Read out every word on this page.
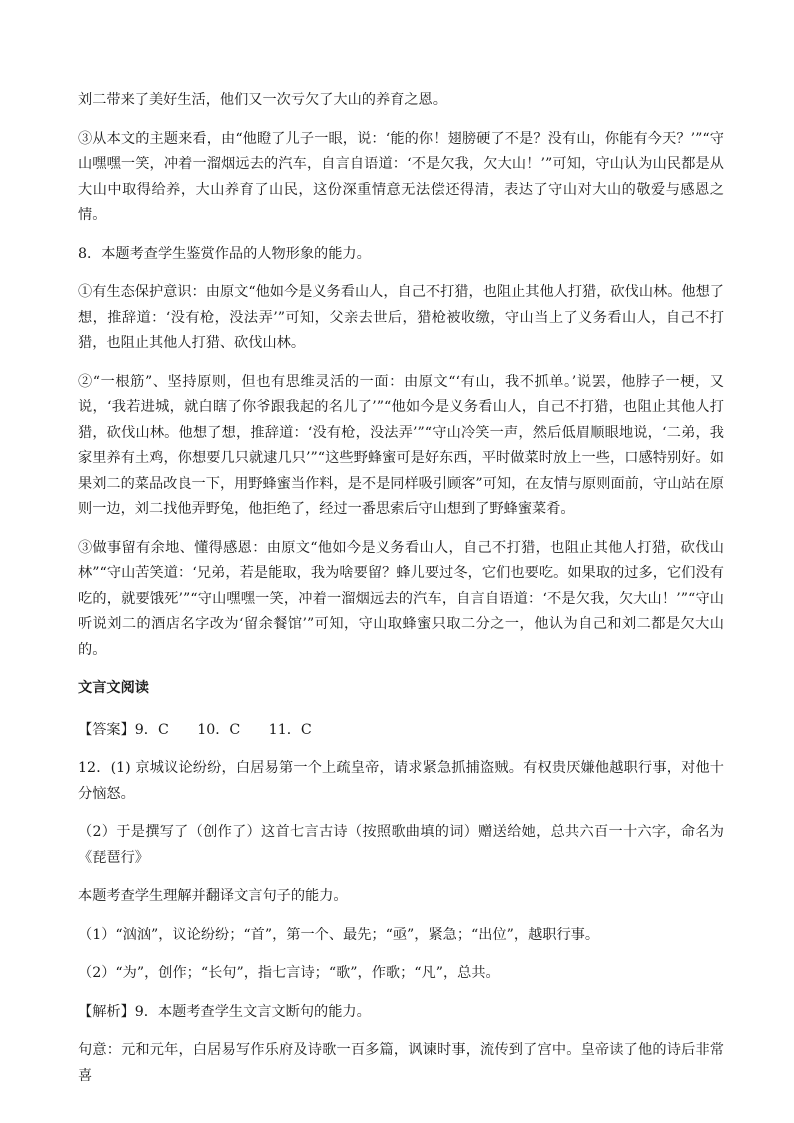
刘二带来了美好生活，他们又一次亏欠了大山的养育之恩。

③从本文的主题来看，由“他瞪了儿子一眼，说：‘能的你！翅膀硬了不是？没有山，你能有今天？’”“守山嘿嘿一笑，冲着一溜烟远去的汽车，自言自语道：‘不是欠我，欠大山！’”可知，守山认为山民都是从大山中取得给养，大山养育了山民，这份深重情意无法偿还得清，表达了守山对大山的敬爱与感恩之情。

8．本题考查学生鉴赏作品的人物形象的能力。

①有生态保护意识：由原文“他如今是义务看山人，自己不打猎，也阻止其他人打猎，砍伐山林。他想了想，推辞道：‘没有枪，没法弄’”可知，父亲去世后，猎枪被收缴，守山当上了义务看山人，自己不打猎，也阻止其他人打猎、砍伐山林。

②“一根筋”、坚持原则，但也有思维灵活的一面：由原文“‘有山，我不抓单。’说罢，他脖子一梗，又说，‘我若进城，就白瞎了你爷跟我起的名儿了’”“他如今是义务看山人，自己不打猎，也阻止其他人打猎，砍伐山林。他想了想，推辞道：‘没有枪，没法弄’”“守山冷笑一声，然后低眉顺眼地说，‘二弟，我家里养有土鸡，你想要几只就逮几只’”“这些野蜂蜜可是好东西，平时做菜时放上一些，口感特别好。如果刘二的菜品改良一下，用野蜂蜜当作料，是不是同样吸引顾客”可知，在友情与原则面前，守山站在原则一边，刘二找他弄野兔，他拒绝了，经过一番思索后守山想到了野蜂蜜菜肴。

③做事留有余地、懂得感恩：由原文“他如今是义务看山人，自己不打猎，也阻止其他人打猎，砍伐山林”“守山苦笑道：‘兄弟，若是能取，我为啥要留？蜂儿要过冬，它们也要吃。如果取的过多，它们没有吃的，就要饿死’”“守山嘿嘿一笑，冲着一溜烟远去的汽车，自言自语道：‘不是欠我，欠大山！’”“守山听说刘二的酒店名字改为‘留余餐馆’”可知，守山取蜂蜜只取二分之一，他认为自己和刘二都是欠大山的。

文言文阅读

【答案】9．C　　10．C　　11．C

12．(1) 京城议论纷纷，白居易第一个上疏皇帝，请求紧急抓捕盗贼。有权贵厌嫌他越职行事，对他十分恼怒。

（2）于是撰写了（创作了）这首七言古诗（按照歌曲填的词）赠送给她，总共六百一十六字，命名为《琵琶行》

本题考查学生理解并翻译文言句子的能力。

（1）“汹汹”，议论纷纷；“首”，第一个、最先；“亟”，紧急；“出位”，越职行事。

（2）“为”，创作；“长句”，指七言诗；“歌”，作歌；“凡”，总共。

【解析】9．本题考查学生文言文断句的能力。

句意：元和元年，白居易写作乐府及诗歌一百多篇，讽谏时事，流传到了宫中。皇帝读了他的诗后非常喜
